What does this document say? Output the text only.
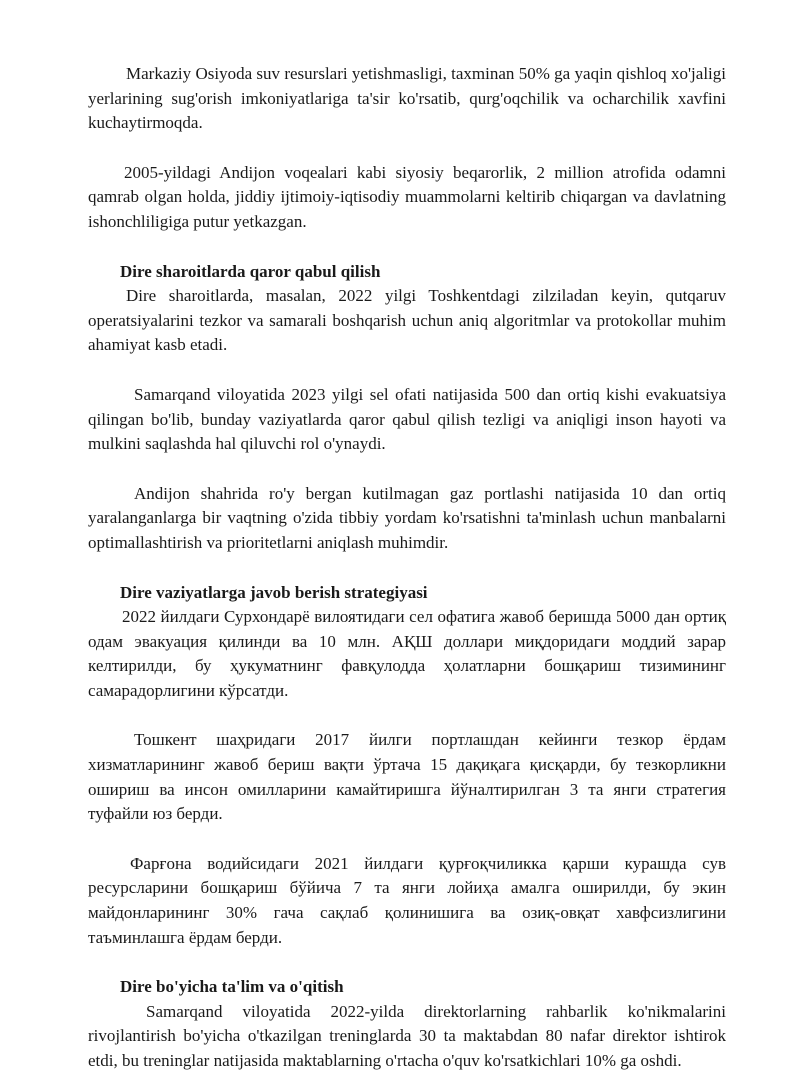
Markaziy Osiyoda suv resurslari yetishmasligi, taxminan 50% ga yaqin qishloq xo'jaligi yerlarining sug'orish imkoniyatlariga ta'sir ko'rsatib, qurg'oqchilik va ocharchilik xavfini kuchaytirmoqda.

2005-yildagi Andijon voqealari kabi siyosiy beqarorlik, 2 million atrofida odamni qamrab olgan holda, jiddiy ijtimoiy-iqtisodiy muammolarni keltirib chiqargan va davlatning ishonchliligiga putur yetkazgan.

Dire sharoitlarda qaror qabul qilish

Dire sharoitlarda, masalan, 2022 yilgi Toshkentdagi zilziladan keyin, qutqaruv operatsiyalarini tezkor va samarali boshqarish uchun aniq algoritmlar va protokollar muhim ahamiyat kasb etadi.

Samarqand viloyatida 2023 yilgi sel ofati natijasida 500 dan ortiq kishi evakuatsiya qilingan bo'lib, bunday vaziyatlarda qaror qabul qilish tezligi va aniqligi inson hayoti va mulkini saqlashda hal qiluvchi rol o'ynaydi.

Andijon shahrida ro'y bergan kutilmagan gaz portlashi natijasida 10 dan ortiq yaralanganlarga bir vaqtning o'zida tibbiy yordam ko'rsatishni ta'minlash uchun manbalarni optimallashtirish va prioritetlarni aniqlash muhimdir.

Dire vaziyatlarga javob berish strategiyasi

2022 йилдаги Сурхондарё вилоятидаги сел офатига жавоб беришда 5000 дан ортиқ одам эвакуация қилинди ва 10 млн. АҚШ доллари миқдоридаги моддий зарар келтирилди, бу ҳукуматнинг фавқулодда ҳолатларни бошқариш тизимининг самарадорлигини кўрсатди.

Тошкент шаҳридаги 2017 йилги портлашдан кейинги тезкор ёрдам хизматларининг жавоб бериш вақти ўртача 15 дақиқага қисқарди, бу тезкорликни ошириш ва инсон омилларини камайтиришга йўналтирилган 3 та янги стратегия туфайли юз берди.

Фарғона водийсидаги 2021 йилдаги қурғоқчиликка қарши курашда сув ресурсларини бошқариш бўйича 7 та янги лойиҳа амалга оширилди, бу экин майдонларининг 30% гача сақлаб қолинишига ва озиқ-овқат хавфсизлигини таъминлашга ёрдам берди.

Dire bo'yicha ta'lim va o'qitish

Samarqand viloyatida 2022-yilda direktorlarning rahbarlik ko'nikmalarini rivojlantirish bo'yicha o'tkazilgan treninglarda 30 ta maktabdan 80 nafar direktor ishtirok etdi, bu treninglar natijasida maktablarning o'rtacha o'quv ko'rsatkichlari 10% ga oshdi.
